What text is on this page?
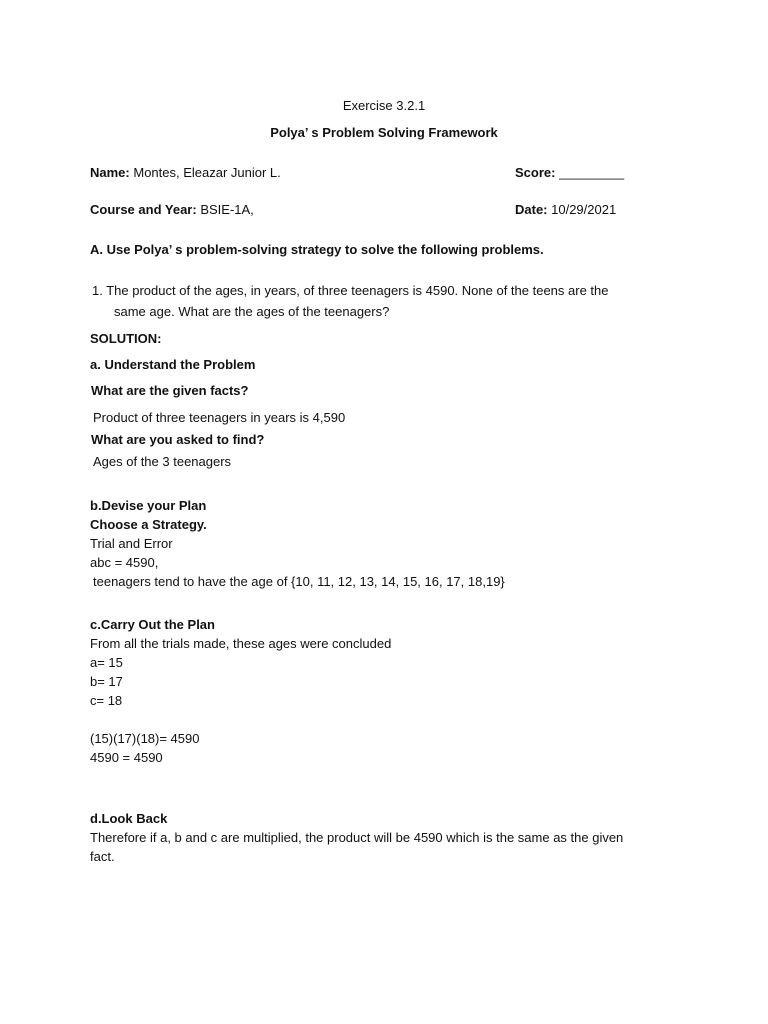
Exercise 3.2.1
Polya’ s Problem Solving Framework
Name: Montes, Eleazar Junior L.	Score: _________
Course and Year: BSIE-1A,	Date: 10/29/2021
A. Use Polya’ s problem-solving strategy to solve the following problems.
1. The product of the ages, in years, of three teenagers is 4590. None of the teens are the
same age. What are the ages of the teenagers?
SOLUTION:
a. Understand the Problem
What are the given facts?
Product of three teenagers in years is 4,590
What are you asked to find?
Ages of the 3 teenagers
b.Devise your Plan
Choose a Strategy.
Trial and Error
abc = 4590,
teenagers tend to have the age of {10, 11, 12, 13, 14, 15, 16, 17, 18,19}
c.Carry Out the Plan
From all the trials made, these ages were concluded
a= 15
b= 17
c= 18
(15)(17)(18)= 4590
4590 = 4590
d.Look Back
Therefore if a, b and c are multiplied, the product will be 4590 which is the same as the given
fact.
